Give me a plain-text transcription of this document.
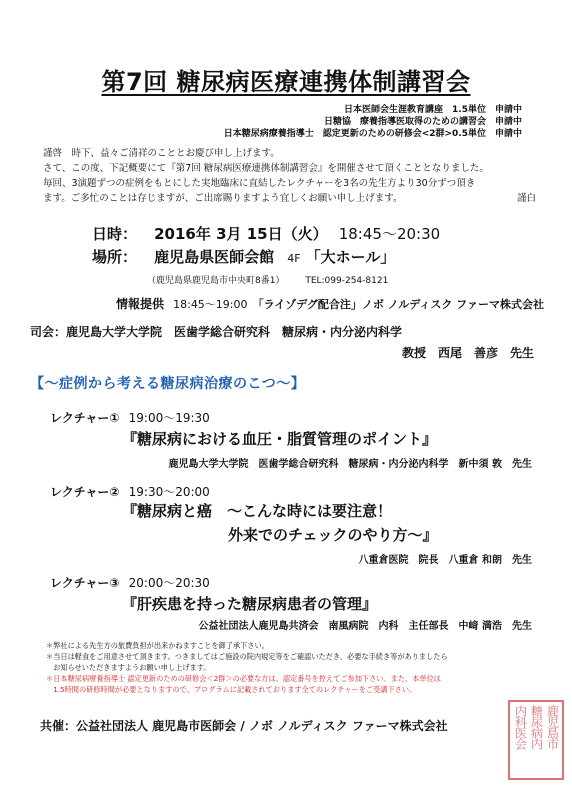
第7回 糖尿病医療連携体制講習会
日本医師会生涯教育講座　1.5単位　申請中
日糖協　療養指導医取得のための講習会　申請中
日本糖尿病療養指導士　認定更新のための研修会<2群>0.5単位　申請中

謹啓　時下、益々ご清祥のこととお慶び申し上げます。

さて、この度、下記概要にて『第7回 糖尿病医療連携体制講習会』を開催させて頂くこととなりました。

毎回、3演題ずつの症例をもとにした実地臨床に直結したレクチャーを3名の先生方より30分ずつ頂き

ます。ご多忙のことは存じますが、ご出席賜りますよう宜しくお願い申し上げます。	謹白

日時： 2016年 3月 15日（火） 18:45～20:30
場所： 鹿児島県医師会館 4F 「大ホール」
（鹿児島県鹿児島市中央町8番1） TEL:099-254-8121
情報提供 18:45～19:00 「ライゾデグ配合注」ノボ ノルディスク ファーマ株式会社
司会：鹿児島大学大学院　医歯学総合研究科　糖尿病・内分泌内科学
教授　西尾　善彦　先生
【～症例から考える糖尿病治療のこつ～】
レクチャー① 19:00～19:30
『糖尿病における血圧・脂質管理のポイント』
鹿児島大学大学院　医歯学総合研究科　糖尿病・内分泌内科学　新中須 敦　先生
レクチャー② 19:30～20:00
『糖尿病と癌　～こんな時には要注意！
外来でのチェックのやり方～』
八重倉医院　院長　八重倉 和朗　先生
レクチャー③ 20:00～20:30
『肝疾患を持った糖尿病患者の管理』
公益社団法人鹿児島共済会　南風病院　内科　主任部長　中﨑 満浩　先生
＊弊社による先生方の旅費負担が出来かねますことを御了承下さい。
＊当日は軽食をご用意させて頂きます。つきましてはご施設の院内規定等をご確認いただき、必要な手続き等がありましたら
　お知らせいただきますようお願い申し上げます。
＊日本糖尿病療養指導士 認定更新のための研修会＜2群＞の必要な方は、認定番号を控えてご参加下さい。また、本単位は
　1.5時間の研修時間が必要となりますので、プログラムに記載されております全てのレクチャーをご受講下さい。
共催：公益社団法人 鹿児島市医師会 / ノボ ノルディスク ファーマ株式会社	鹿児島市
糖尿病内
内科医会
